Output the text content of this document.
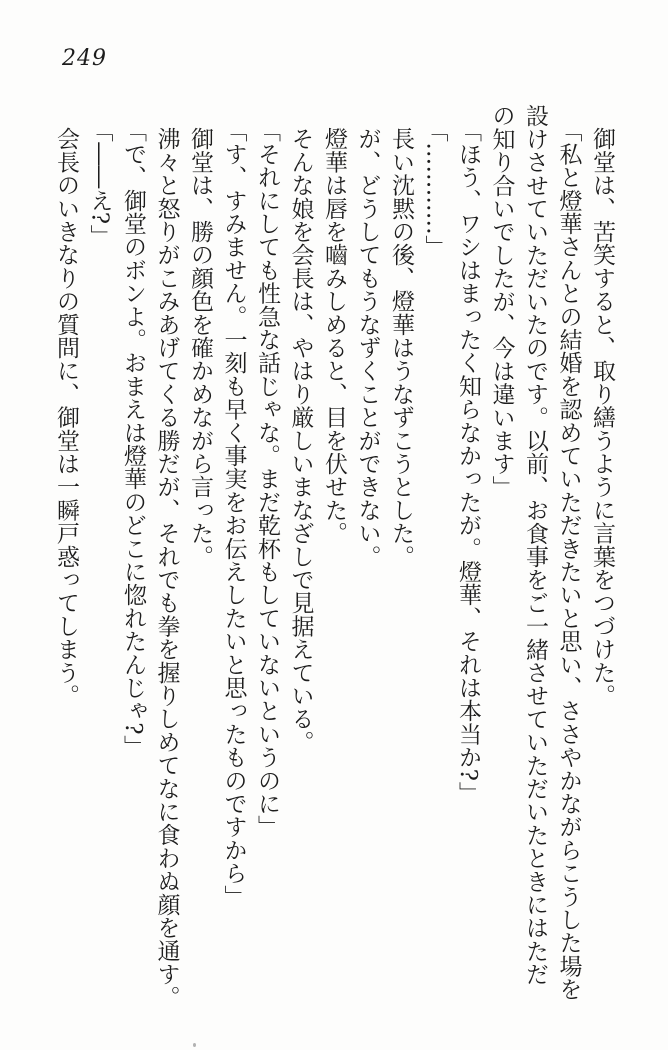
249

御堂は、苦笑すると、取り繕うように言葉をつづけた。

「私と燈華さんとの結婚を認めていただきたいと思い、ささやかながらこうした場を

設けさせていただいたのです。以前、お食事をご一緒させていただいたときにはただ

の知り合いでしたが、今は違います」

「ほう、ワシはまったく知らなかったが。燈華、それは本当か?」

「…………」

長い沈黙の後、燈華はうなずこうとした。

が、どうしてもうなずくことができない。

燈華は唇を嚙みしめると、目を伏せた。

そんな娘を会長は、やはり厳しいまなざしで見据えている。

「それにしても性急な話じゃな。まだ乾杯もしていないというのに」

「す、すみません。一刻も早く事実をお伝えしたいと思ったものですから」

御堂は、勝の顔色を確かめながら言った。

沸々と怒りがこみあげてくる勝だが、それでも拳を握りしめてなに食わぬ顔を通す。

「で、御堂のボンよ。おまえは燈華のどこに惚れたんじゃ?」

「――え?」

会長のいきなりの質問に、御堂は一瞬戸惑ってしまう。
